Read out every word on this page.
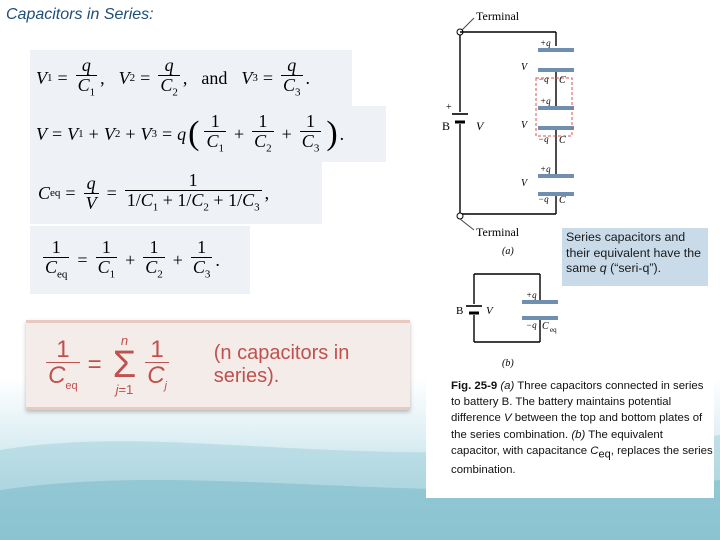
Capacitors in Series:
V $1 = \frac{q}{C_1}$ , V $2 = \frac{q}{C_2}$ , and V $3 = \frac{q}{C_3}$ .
V = V 1 + V 2 + V 3 = q ( $\frac{1}{C_1} + \frac{1}{C_2} + \frac{1}{C_3}$ ) .
C eq = $\frac{q}{V} = \frac{1}{1/C_1 + 1/C_2 + 1/C_3}$ ,
$\frac{1}{C_{eq}} = \frac{1}{C_1} + \frac{1}{C_2} + \frac{1}{C_3}$ .
$\frac{1}{C_{eq}}$ =
n
Σ
$j=1 \frac{1}{C_j} (n$ capacitors in series).
Terminal
+
B V
+q
−q
V
C
+q
−q
V
C
+q
−q
V
C
Terminal
(a)
B V
+q
−q C eq
(b)
Series capacitors and their equivalent have the same q (“seri-q”).
Fig. 25-9 (a) Three capacitors connected in series to battery B. The battery maintains potential difference V between the top and bottom plates of the series combination. (b) The equivalent capacitor, with capacitance $C_{eq}$, replaces the series combination.
